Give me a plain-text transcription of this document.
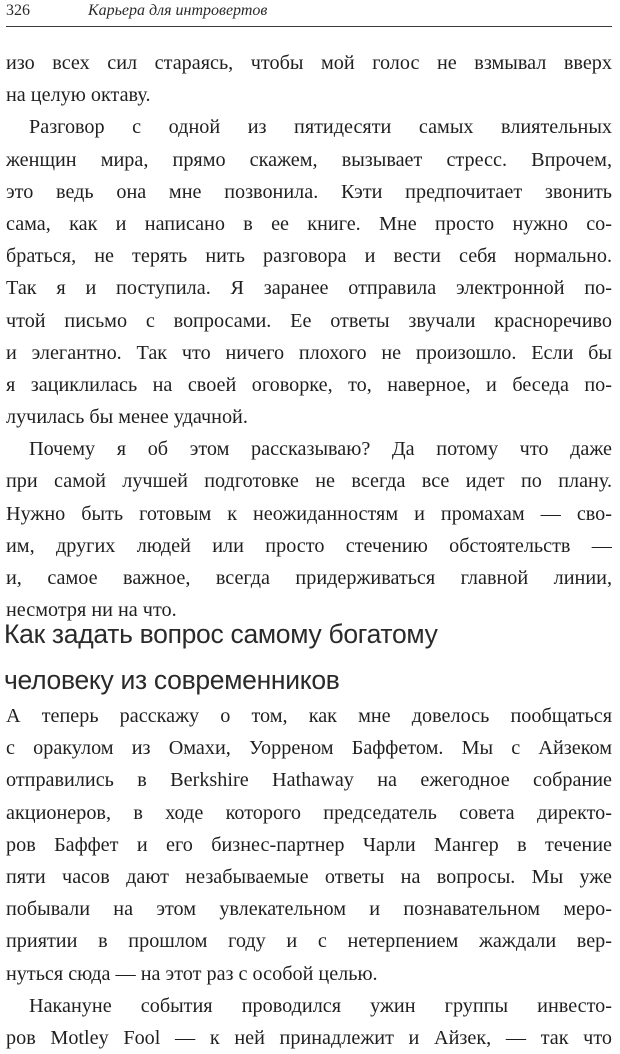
326	Карьера для интровертов
изо всех сил стараясь, чтобы мой голос не взмывал вверх
на целую октаву.
Разговор с одной из пятидесяти самых влиятельных
женщин мира, прямо скажем, вызывает стресс. Впрочем,
это ведь она мне позвонила. Кэти предпочитает звонить
сама, как и написано в ее книге. Мне просто нужно со-
браться, не терять нить разговора и вести себя нормально.
Так я и поступила. Я заранее отправила электронной по-
чтой письмо с вопросами. Ее ответы звучали красноречиво
и элегантно. Так что ничего плохого не произошло. Если бы
я зациклилась на своей оговорке, то, наверное, и беседа по-
лучилась бы менее удачной.
Почему я об этом рассказываю? Да потому что даже
при самой лучшей подготовке не всегда все идет по плану.
Нужно быть готовым к неожиданностям и промахам — сво-
им, других людей или просто стечению обстоятельств —
и, самое важное, всегда придерживаться главной линии,
несмотря ни на что.
Как задать вопрос самому богатому
человеку из современников
А теперь расскажу о том, как мне довелось пообщаться
с оракулом из Омахи, Уорреном Баффетом. Мы с Айзеком
отправились в Berkshire Hathaway на ежегодное собрание
акционеров, в ходе которого председатель совета директо-
ров Баффет и его бизнес-партнер Чарли Мангер в течение
пяти часов дают незабываемые ответы на вопросы. Мы уже
побывали на этом увлекательном и познавательном меро-
приятии в прошлом году и с нетерпением жаждали вер-
нуться сюда — на этот раз с особой целью.
Накануне события проводился ужин группы инвесто-
ров Motley Fool — к ней принадлежит и Айзек, — так что
